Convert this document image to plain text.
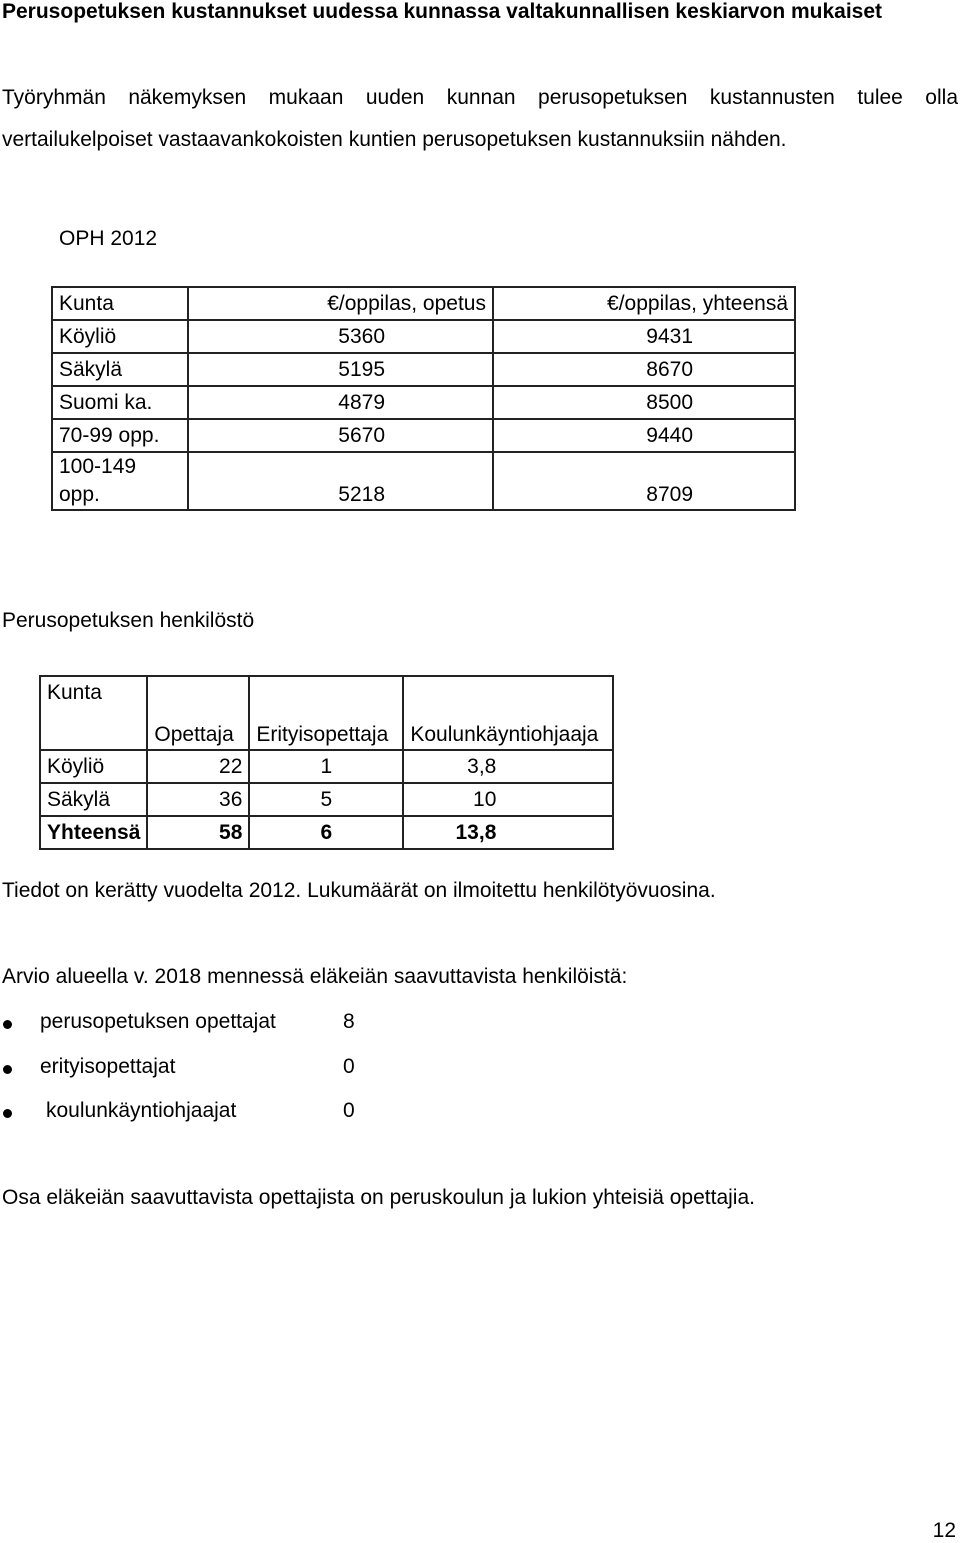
Perusopetuksen kustannukset uudessa kunnassa valtakunnallisen keskiarvon mukaiset
Työryhmän näkemyksen mukaan uuden kunnan perusopetuksen kustannusten tulee olla
vertailukelpoiset vastaavankokoisten kuntien perusopetuksen kustannuksiin nähden.
OPH 2012
Kunta	€/oppilas, opetus	€/oppilas, yhteensä
Köyliö	5360	9431
Säkylä	5195	8670
Suomi ka.	4879	8500
70-99 opp.	5670	9440
100-149 opp.	5218	8709
Perusopetuksen henkilöstö
Kunta	Opettaja	Erityisopettaja	Koulunkäyntiohjaaja
Köyliö	22	1	3,8
Säkylä	36	5	10
Yhteensä	58	6	13,8
Tiedot on kerätty vuodelta 2012. Lukumäärät on ilmoitettu henkilötyövuosina.
Arvio alueella v. 2018 mennessä eläkeiän saavuttavista henkilöistä:
perusopetuksen opettajat	8
erityisopettajat	0
koulunkäyntiohjaajat	0
Osa eläkeiän saavuttavista opettajista on peruskoulun ja lukion yhteisiä opettajia.
12
